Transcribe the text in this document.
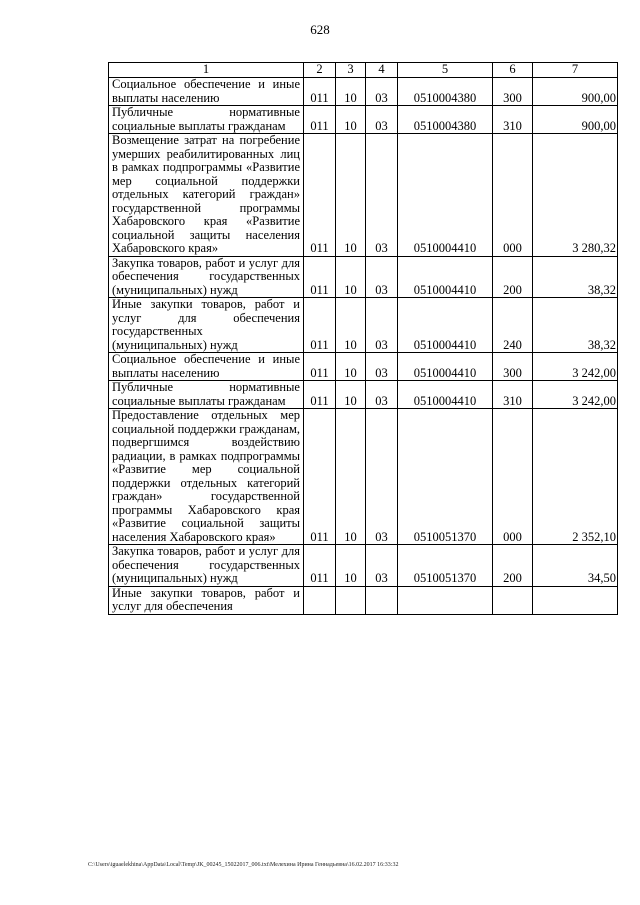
628
1	2	3	4	5	6	7
Социальное обеспечение и иные выплаты населению	011	10	03	0510004380	300	900,00
Публичные нормативные социальные выплаты гражданам	011	10	03	0510004380	310	900,00
Возмещение затрат на погребение умерших реабилитированных лиц в рамках подпрограммы «Развитие мер социальной поддержки отдельных категорий граждан» государственной программы Хабаровского края «Развитие социальной защиты населения Хабаровского края»	011	10	03	0510004410	000	3 280,32
Закупка товаров, работ и услуг для обеспечения государственных (муниципальных) нужд	011	10	03	0510004410	200	38,32
Иные закупки товаров, работ и услуг для обеспечения государственных (муниципальных) нужд	011	10	03	0510004410	240	38,32
Социальное обеспечение и иные выплаты населению	011	10	03	0510004410	300	3 242,00
Публичные нормативные социальные выплаты гражданам	011	10	03	0510004410	310	3 242,00
Предоставление отдельных мер социальной поддержки гражданам, подвергшимся воздействию радиации, в рамках подпрограммы «Развитие мер социальной поддержки отдельных категорий граждан» государственной программы Хабаровского края «Развитие социальной защиты населения Хабаровского края»	011	10	03	0510051370	000	2 352,10
Закупка товаров, работ и услуг для обеспечения государственных (муниципальных) нужд	011	10	03	0510051370	200	34,50
Иные закупки товаров, работ и услуг для обеспечения						
C:\Users\iguaelekhina\AppData\Local\Temp\JK_00245_15022017_006.txt\Мелехина Ирина Геннадьевна\16.02.2017 16:33:32
